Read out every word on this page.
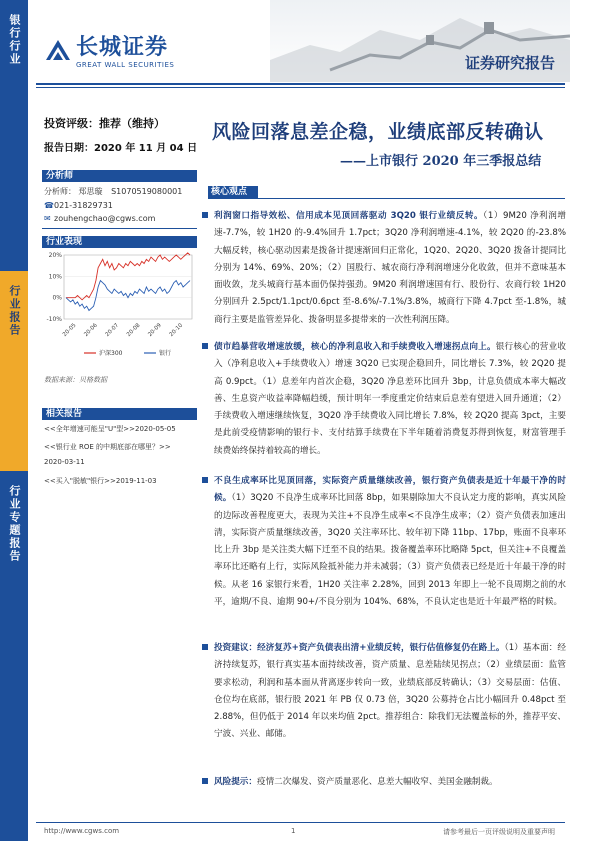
银行行业
行业报告
行业专题报告
长城证券
GREAT WALL SECURITIES	证券研究报告
投资评级：推荐（维持）
报告日期：2020 年 11 月 04 日
分析师
分析师： 郑思璇 S1070519080001
☎021-31829731
✉ zouhengchao@cgws.com
行业表现
20%
10%
0%
-10%
20-05 20-06 20-07 20-08 20-09 20-10
沪深300	银行
数据来源：贝格数据
相关报告
<<全年增速可能呈"U"型>>2020-05-05
<<银行业 ROE 的中期底部在哪里？>>
2020-03-11
<<买入"脱敏"银行>>2019-11-03
风险回落息差企稳，业绩底部反转确认
——上市银行 2020 年三季报总结
核心观点
利润窗口指导效松、信用成本见顶回落驱动 3Q20 银行业绩反转。（1）9M20 净利润增速-7.7%，较 1H20 的-9.4%回升 1.7pct；3Q20 净利润增速-4.1%，较 2Q20 的-23.8%大幅反转，核心驱动因素是拨备计提速渐回归正常化，1Q20、2Q20、3Q20 拨备计提同比分别为 14%、69%、20%；（2）国股行、城农商行净利润增速分化收敛，但并不意味基本面收敛，龙头城商行基本面仍保持强劲。9M20 利润增速国有行、股份行、农商行较 1H20 分别回升 2.5pct/1.1pct/0.6pct 至-8.6%/-7.1%/3.8%，城商行下降 4.7pct 至-1.8%，城商行主要是监管差异化、拨备明显多提带来的一次性利润压降。
债市趋暴营收增速放缓，核心的净利息收入和手续费收入增速拐点向上。银行核心的营业收入（净利息收入+手续费收入）增速 3Q20 已实现企稳回升，同比增长 7.3%，较 2Q20 提高 0.9pct。（1）息差年内首次企稳，3Q20 净息差环比回升 3bp，计息负债成本率大幅改善、生息资产收益率降幅趋缓，预计明年一季度重定价结束后息差有望进入回升通道；（2）手续费收入增速继续恢复，3Q20 净手续费收入同比增长 7.8%，较 2Q20 提高 3pct，主要是此前受疫情影响的银行卡、支付结算手续费在下半年随着消费复苏得到恢复，财富管理手续费始终保持着较高的增长。
不良生成率环比见顶回落，实际资产质量继续改善，银行资产负债表是近十年最干净的时候。（1）3Q20 不良净生成率环比回落 8bp，如果剔除加大不良认定力度的影响，真实风险的边际改善程度更大，表现为关注+不良净生成率<不良净生成率；（2）资产负债表加速出清，实际资产质量继续改善，3Q20 关注率环比、较年初下降 11bp、17bp，账面不良率环比上升 3bp 是关注类大幅下迁至不良的结果。拨备覆盖率环比略降 5pct，但关注+不良覆盖率环比还略有上行，实际风险抵补能力并未减弱；（3）资产负债表已经是近十年最干净的时候。从老 16 家银行来看，1H20 关注率 2.28%，回到 2013 年即上一轮不良周期之前的水平，逾期/不良、逾期 90+/不良分别为 104%、68%，不良认定也是近十年最严格的时候。
投资建议：经济复苏+资产负债表出清+业绩反转，银行估值修复仍在路上。（1）基本面：经济持续复苏，银行真实基本面持续改善，资产质量、息差陆续见拐点；（2）业绩层面：监管要求松动，利润和基本面从背离逐步转向一致，业绩底部反转确认；（3）交易层面：估值、仓位均在底部，银行股 2021 年 PB 仅 0.73 倍，3Q20 公募持仓占比小幅回升 0.48pct 至 2.88%，但仍低于 2014 年以来均值 2pct。推荐组合：除我们无法覆盖标的外，推荐平安、宁波、兴业、邮储。
风险提示：疫情二次爆发、资产质量恶化、息差大幅收窄、美国金融制裁。
http://www.cgws.com	1	请参考最后一页评级说明及重要声明
